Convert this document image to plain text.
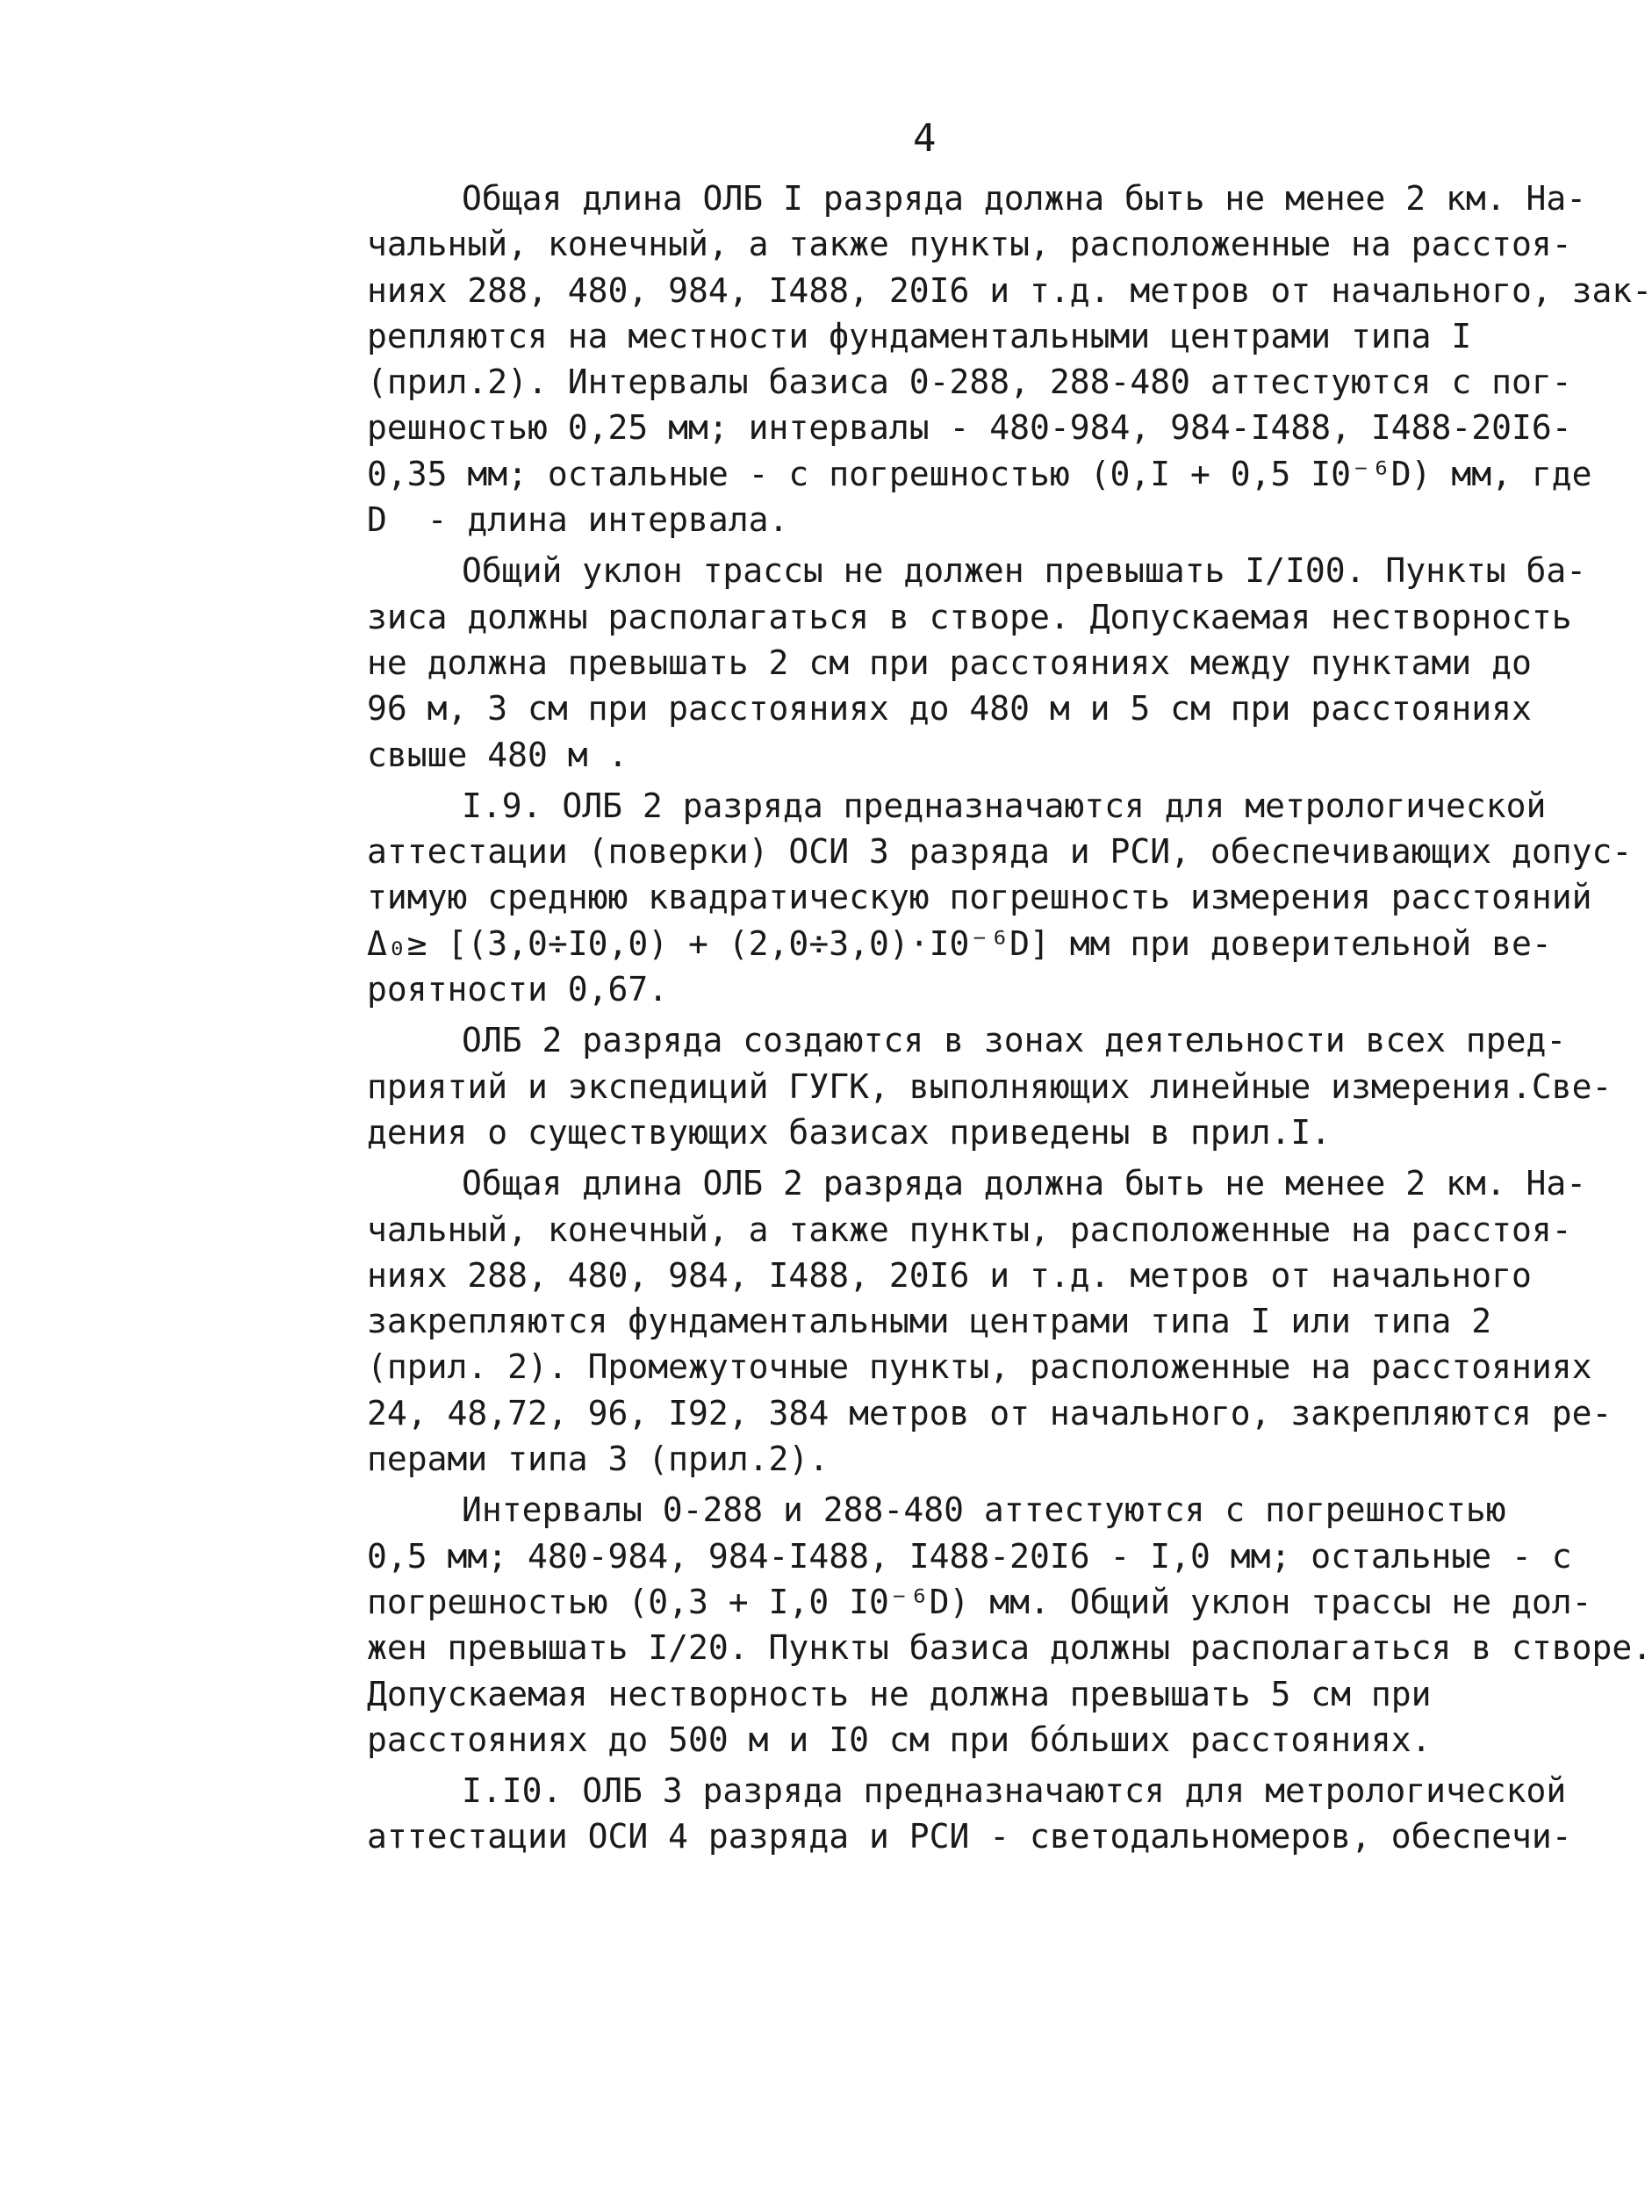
4
Общая длина ОЛБ I разряда должна быть не менее 2 км. На-
чальный, конечный, а также пункты, расположенные на расстоя-
ниях 288, 480, 984, I488, 20I6 и т.д. метров от начального, зак-
репляются на местности фундаментальными центрами типа I
(прил.2). Интервалы базиса 0-288, 288-480 аттестуются с пог-
решностью 0,25 мм; интервалы - 480-984, 984-I488, I488-20I6-
0,35 мм; остальные - с погрешностью (0,I + 0,5 I0⁻⁶D) мм, где
D  - длина интервала.
Общий уклон трассы не должен превышать I/I00. Пункты ба-
зиса должны располагаться в створе. Допускаемая нестворность
не должна превышать 2 см при расстояниях между пунктами до
96 м, 3 см при расстояниях до 480 м и 5 см при расстояниях
свыше 480 м .
I.9. ОЛБ 2 разряда предназначаются для метрологической
аттестации (поверки) ОСИ 3 разряда и РСИ, обеспечивающих допус-
тимую среднюю квадратическую погрешность измерения расстояний
Δ₀≥ [(3,0÷I0,0) + (2,0÷3,0)·I0⁻⁶D] мм при доверительной ве-
роятности 0,67.
ОЛБ 2 разряда создаются в зонах деятельности всех пред-
приятий и экспедиций ГУГК, выполняющих линейные измерения.Све-
дения о существующих базисах приведены в прил.I.
Общая длина ОЛБ 2 разряда должна быть не менее 2 км. На-
чальный, конечный, а также пункты, расположенные на расстоя-
ниях 288, 480, 984, I488, 20I6 и т.д. метров от начального
закрепляются фундаментальными центрами типа I или типа 2
(прил. 2). Промежуточные пункты, расположенные на расстояниях
24, 48,72, 96, I92, 384 метров от начального, закрепляются ре-
перами типа 3 (прил.2).
Интервалы 0-288 и 288-480 аттестуются с погрешностью
0,5 мм; 480-984, 984-I488, I488-20I6 - I,0 мм; остальные - с
погрешностью (0,3 + I,0 I0⁻⁶D) мм. Общий уклон трассы не дол-
жен превышать I/20. Пункты базиса должны располагаться в створе.
Допускаемая нестворность не должна превышать 5 см при
расстояниях до 500 м и I0 см при бо́льших расстояниях.
I.I0. ОЛБ 3 разряда предназначаются для метрологической
аттестации ОСИ 4 разряда и РСИ - светодальномеров, обеспечи-
